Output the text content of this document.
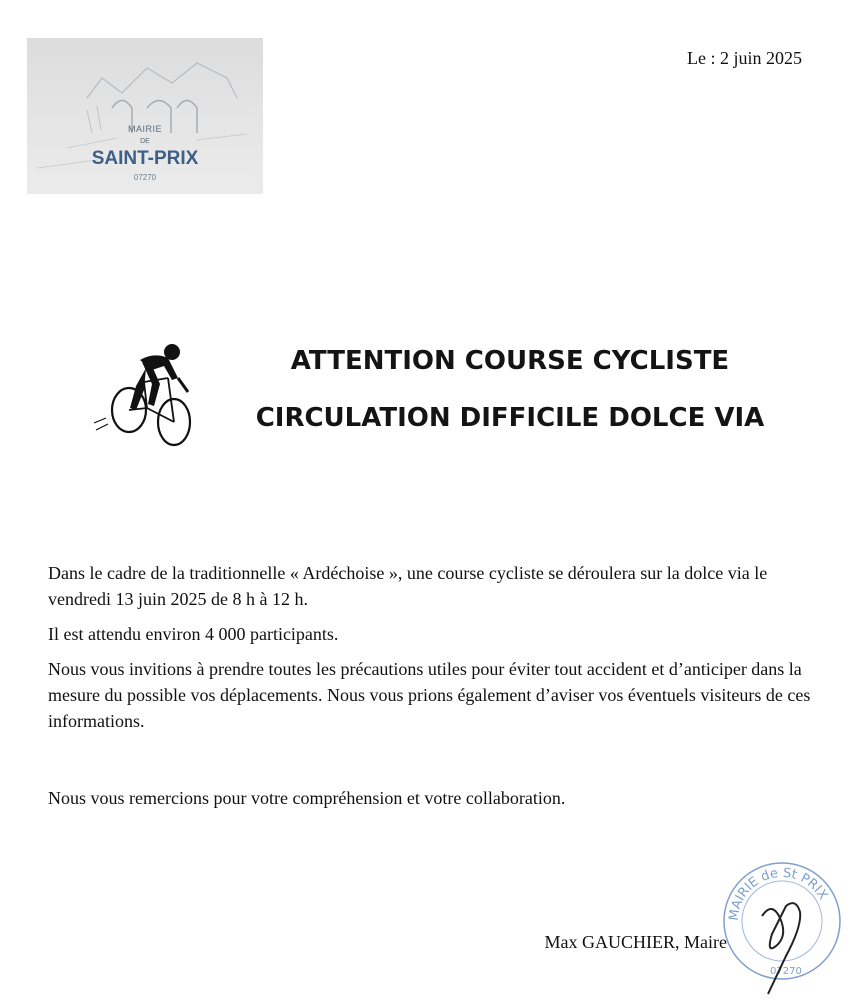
MAIRIE
DE
SAINT-PRIX
07270
Le : 2 juin 2025
ATTENTION COURSE CYCLISTE
CIRCULATION DIFFICILE DOLCE VIA

Dans le cadre de la traditionnelle « Ardéchoise », une course cycliste se déroulera sur la dolce via le vendredi 13 juin 2025 de 8 h à 12 h.

Il est attendu environ 4 000 participants.

Nous vous invitions à prendre toutes les précautions utiles pour éviter tout accident et d’anticiper dans la mesure du possible vos déplacements. Nous vous prions également d’aviser vos éventuels visiteurs de ces informations.

Nous vous remercions pour votre compréhension et votre collaboration.

Max GAUCHIER, Maire
MAIRIE de St PRIX
07270
